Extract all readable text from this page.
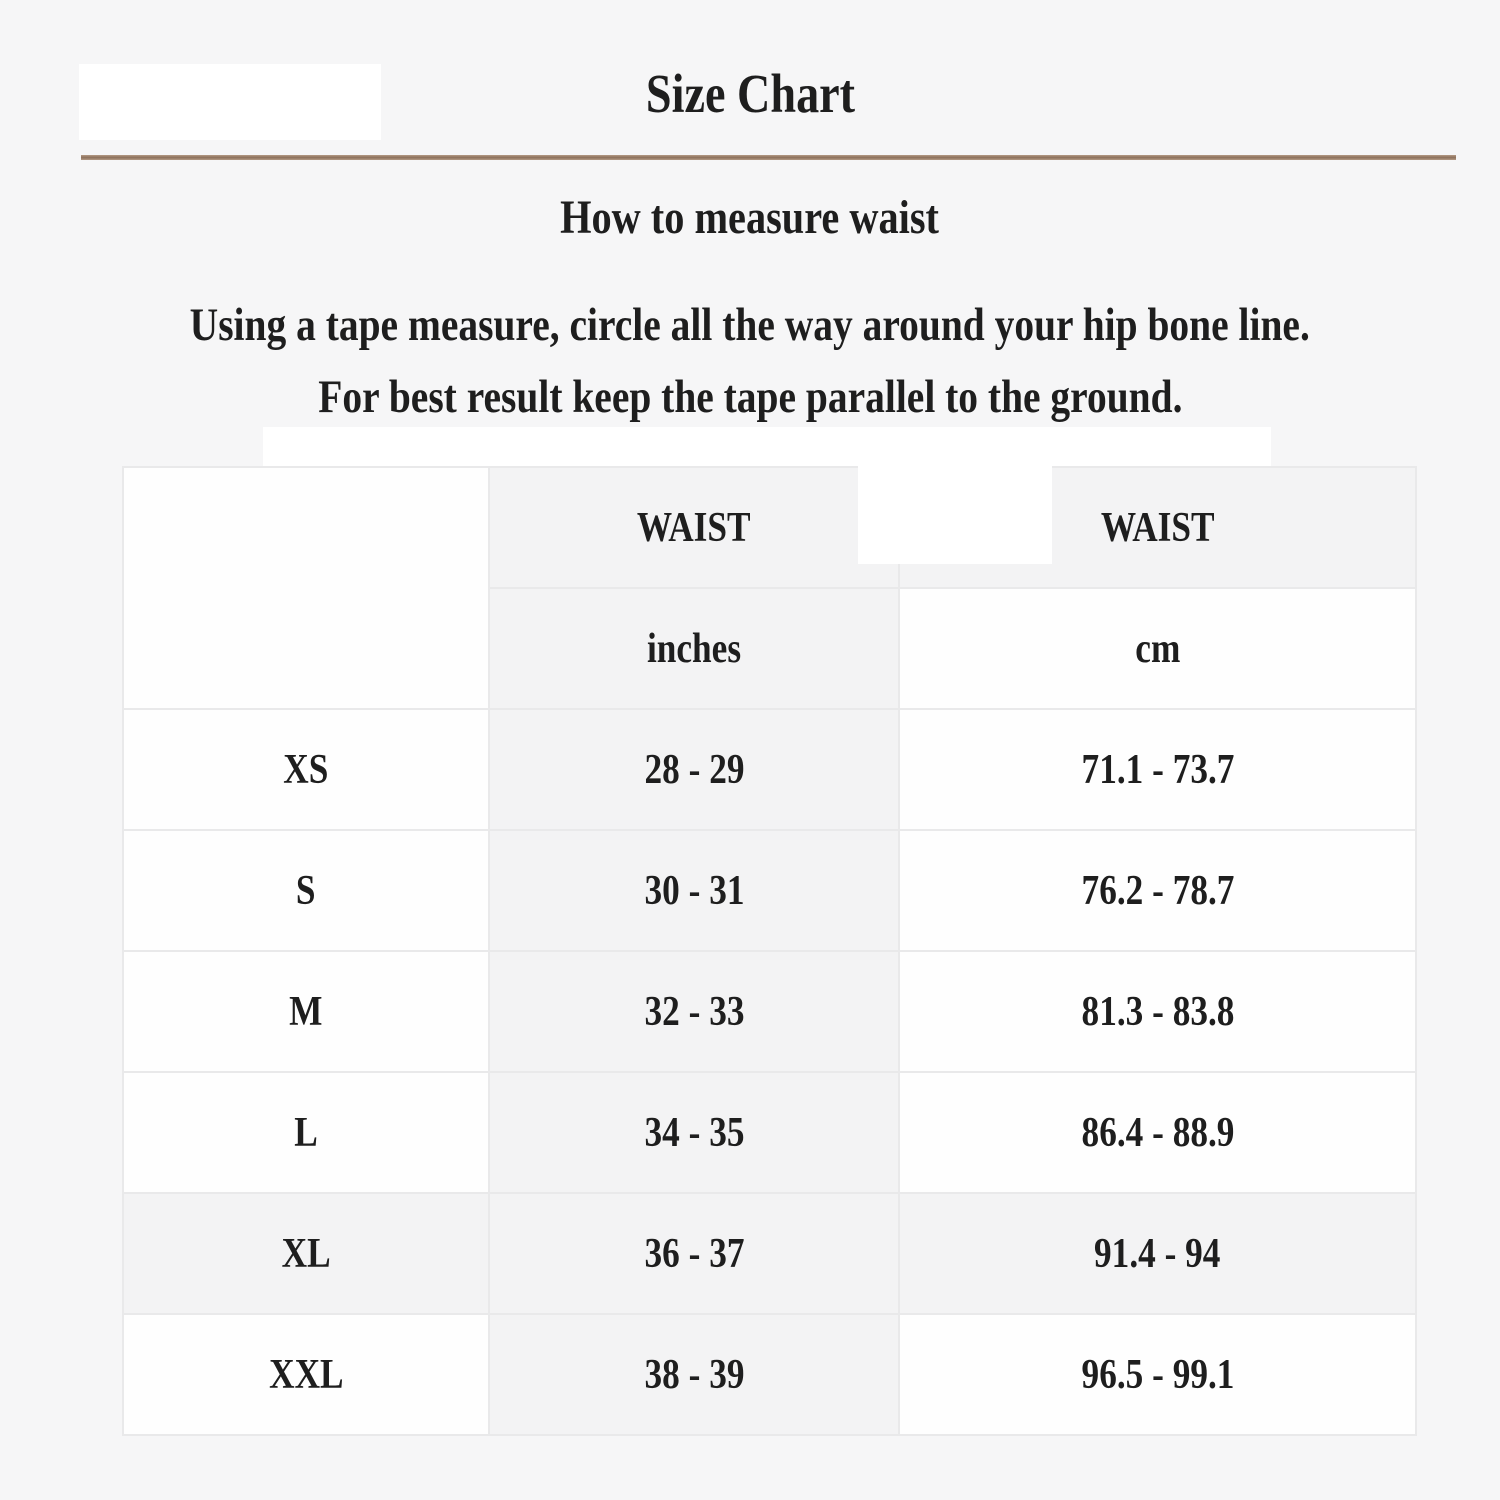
Size Chart
How to measure waist
Using a tape measure, circle all the way around your hip bone line.
For best result keep the tape parallel to the ground.
	WAIST	WAIST
	inches	cm
XS	28 - 29	71.1 - 73.7
S	30 - 31	76.2 - 78.7
M	32 - 33	81.3 - 83.8
L	34 - 35	86.4 - 88.9
XL	36 - 37	91.4 - 94
XXL	38 - 39	96.5 - 99.1
